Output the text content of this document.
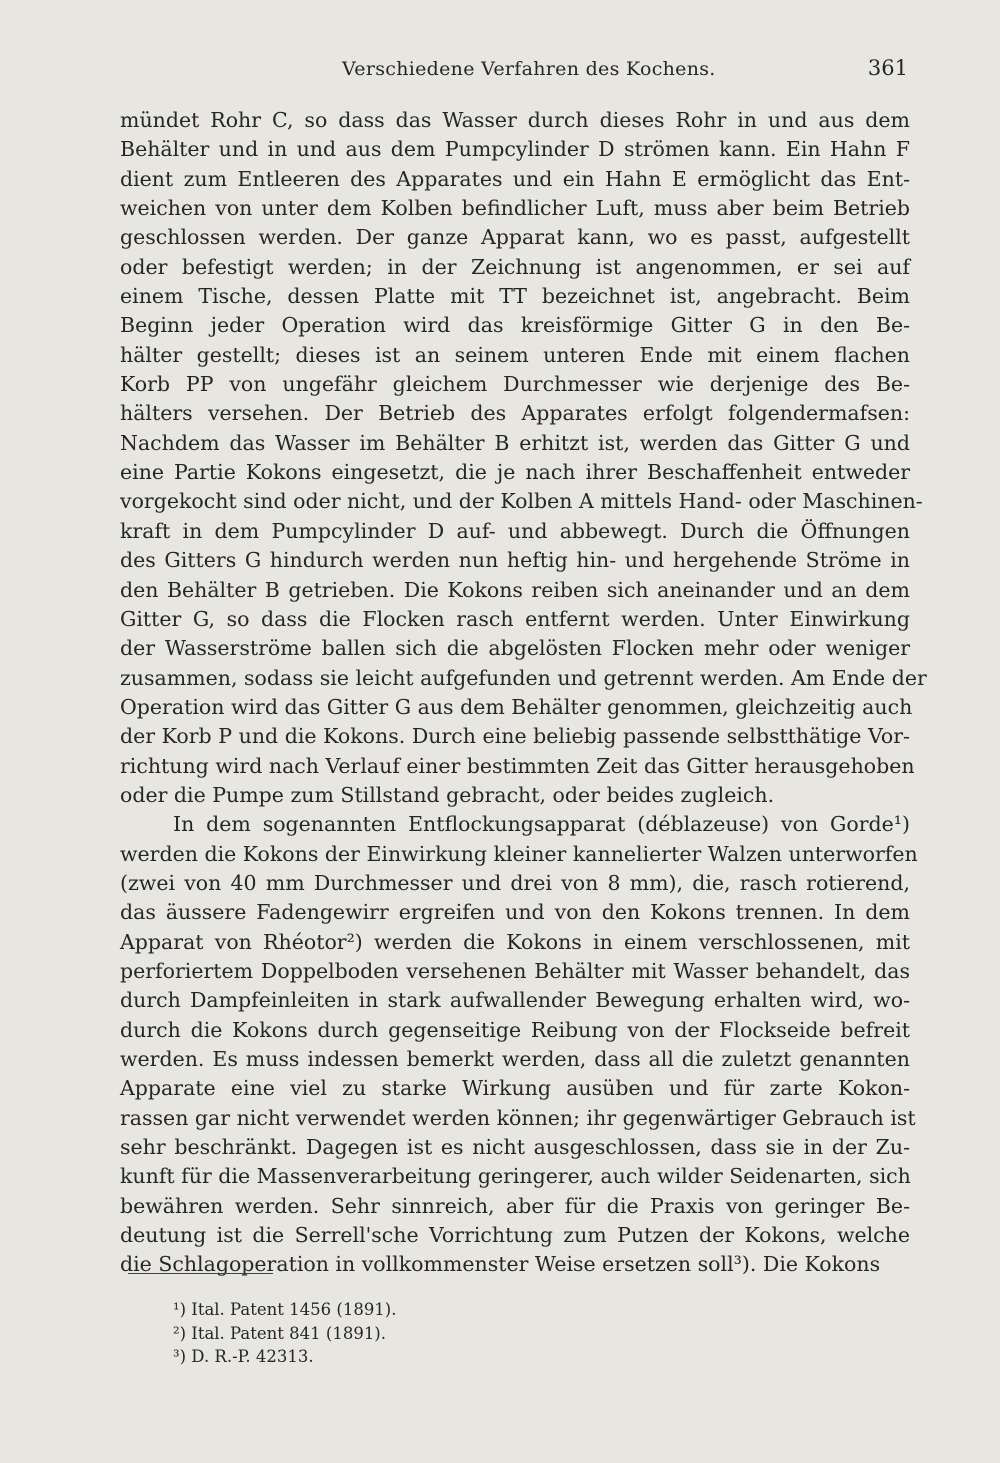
Verschiedene Verfahren des Kochens.	361
mündet Rohr C, so dass das Wasser durch dieses Rohr in und aus dem
Behälter und in und aus dem Pumpcylinder D strömen kann. Ein Hahn F
dient zum Entleeren des Apparates und ein Hahn E ermöglicht das Ent-
weichen von unter dem Kolben befindlicher Luft, muss aber beim Betrieb
geschlossen werden. Der ganze Apparat kann, wo es passt, aufgestellt
oder befestigt werden; in der Zeichnung ist angenommen, er sei auf
einem Tische, dessen Platte mit TT bezeichnet ist, angebracht. Beim
Beginn jeder Operation wird das kreisförmige Gitter G in den Be-
hälter gestellt; dieses ist an seinem unteren Ende mit einem flachen
Korb PP von ungefähr gleichem Durchmesser wie derjenige des Be-
hälters versehen. Der Betrieb des Apparates erfolgt folgendermafsen:
Nachdem das Wasser im Behälter B erhitzt ist, werden das Gitter G und
eine Partie Kokons eingesetzt, die je nach ihrer Beschaffenheit entweder
vorgekocht sind oder nicht, und der Kolben A mittels Hand- oder Maschinen-
kraft in dem Pumpcylinder D auf- und abbewegt. Durch die Öffnungen
des Gitters G hindurch werden nun heftig hin- und hergehende Ströme in
den Behälter B getrieben. Die Kokons reiben sich aneinander und an dem
Gitter G, so dass die Flocken rasch entfernt werden. Unter Einwirkung
der Wasserströme ballen sich die abgelösten Flocken mehr oder weniger
zusammen, sodass sie leicht aufgefunden und getrennt werden. Am Ende der
Operation wird das Gitter G aus dem Behälter genommen, gleichzeitig auch
der Korb P und die Kokons. Durch eine beliebig passende selbstthätige Vor-
richtung wird nach Verlauf einer bestimmten Zeit das Gitter herausgehoben
oder die Pumpe zum Stillstand gebracht, oder beides zugleich.
In dem sogenannten Entflockungsapparat (déblazeuse) von Gorde¹)
werden die Kokons der Einwirkung kleiner kannelierter Walzen unterworfen
(zwei von 40 mm Durchmesser und drei von 8 mm), die, rasch rotierend,
das äussere Fadengewirr ergreifen und von den Kokons trennen. In dem
Apparat von Rhéotor²) werden die Kokons in einem verschlossenen, mit
perforiertem Doppelboden versehenen Behälter mit Wasser behandelt, das
durch Dampfeinleiten in stark aufwallender Bewegung erhalten wird, wo-
durch die Kokons durch gegenseitige Reibung von der Flockseide befreit
werden. Es muss indessen bemerkt werden, dass all die zuletzt genannten
Apparate eine viel zu starke Wirkung ausüben und für zarte Kokon-
rassen gar nicht verwendet werden können; ihr gegenwärtiger Gebrauch ist
sehr beschränkt. Dagegen ist es nicht ausgeschlossen, dass sie in der Zu-
kunft für die Massenverarbeitung geringerer, auch wilder Seidenarten, sich
bewähren werden. Sehr sinnreich, aber für die Praxis von geringer Be-
deutung ist die Serrell'sche Vorrichtung zum Putzen der Kokons, welche
die Schlagoperation in vollkommenster Weise ersetzen soll³). Die Kokons
¹) Ital. Patent 1456 (1891).
²) Ital. Patent 841 (1891).
³) D. R.-P. 42313.
